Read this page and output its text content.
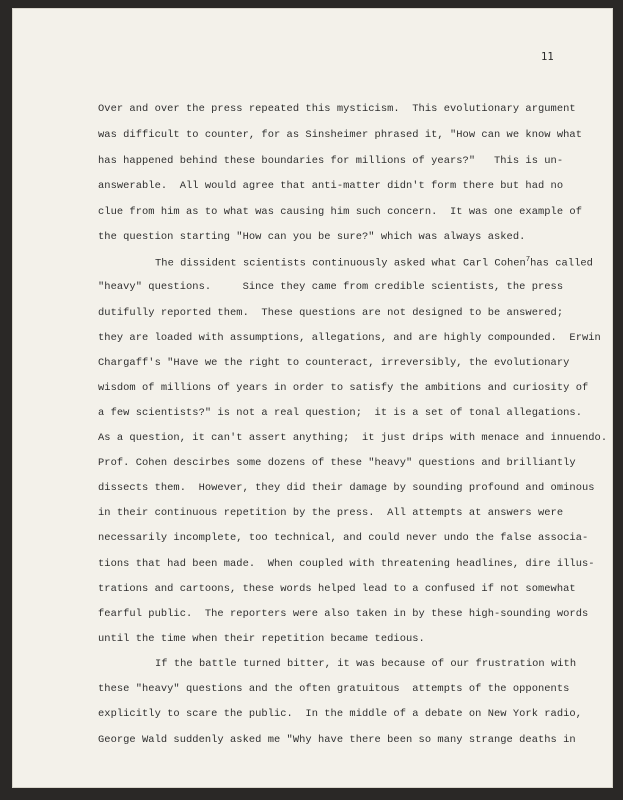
11
Over and over the press repeated this mysticism.  This evolutionary argument
was difficult to counter, for as Sinsheimer phrased it, "How can we know what
has happened behind these boundaries for millions of years?"   This is un-
answerable.  All would agree that anti-matter didn't form there but had no
clue from him as to what was causing him such concern.  It was one example of
the question starting "How can you be sure?" which was always asked.
The dissident scientists continuously asked what Carl Cohen$^7$has called
"heavy" questions.     Since they came from credible scientists, the press
dutifully reported them.  These questions are not designed to be answered;
they are loaded with assumptions, allegations, and are highly compounded.  Erwin
Chargaff's "Have we the right to counteract, irreversibly, the evolutionary
wisdom of millions of years in order to satisfy the ambitions and curiosity of
a few scientists?" is not a real question;  it is a set of tonal allegations.
As a question, it can't assert anything;  it just drips with menace and innuendo.
Prof. Cohen descirbes some dozens of these "heavy" questions and brilliantly
dissects them.  However, they did their damage by sounding profound and ominous
in their continuous repetition by the press.  All attempts at answers were
necessarily incomplete, too technical, and could never undo the false associa-
tions that had been made.  When coupled with threatening headlines, dire illus-
trations and cartoons, these words helped lead to a confused if not somewhat
fearful public.  The reporters were also taken in by these high-sounding words
until the time when their repetition became tedious.
If the battle turned bitter, it was because of our frustration with
these "heavy" questions and the often gratuitous  attempts of the opponents
explicitly to scare the public.  In the middle of a debate on New York radio,
George Wald suddenly asked me "Why have there been so many strange deaths in
